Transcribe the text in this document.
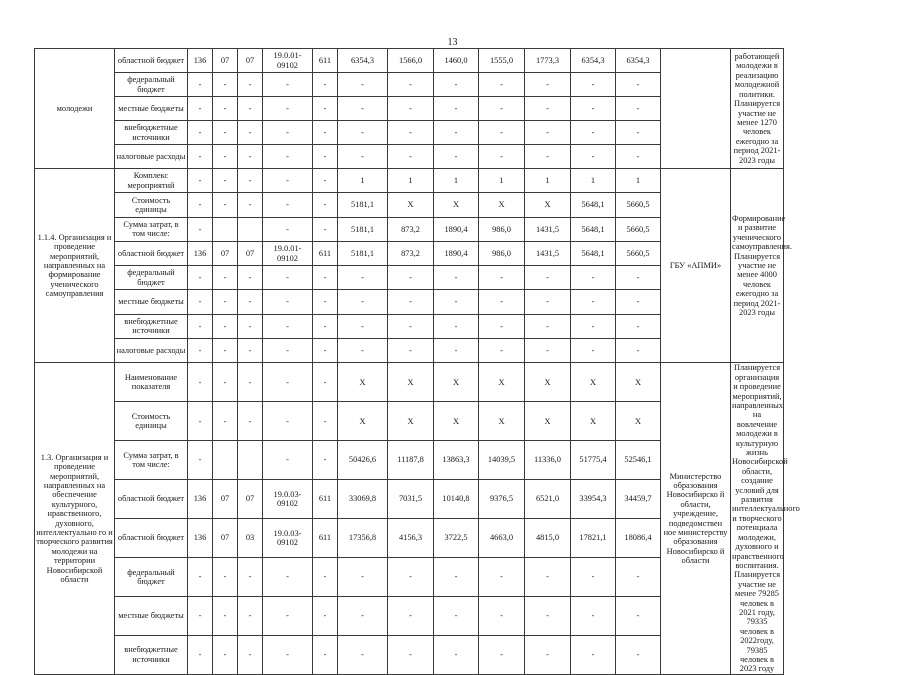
13
молодежи	областной бюджет	136	07	07	19.0.01-09102	611	6354,3	1566,0	1460,0	1555,0	1773,3	6354,3	6354,3		работающей молодежи в реализацию молодежной политики. Планируется участие не менее 1270 человек ежегодно за период 2021-2023 годы
	федеральный бюджет	-	-	-	-	-	-	-	-	-	-	-	-		
	местные бюджеты	-	-	-	-	-	-	-	-	-	-	-	-		
	внебюджетные источники	-	-	-	-	-	-	-	-	-	-	-	-		
	налоговые расходы	-	-	-	-	-	-	-	-	-	-	-	-		
1.1.4. Организация и проведение мероприятий, направленных на формирование ученического самоуправления	Комплекс мероприятий	-	-	-	-	-	1	1	1	1	1	1	1	ГБУ «АПМИ»	Формирование и развитие ученического самоуправления. Планируется участие не менее 4000 человек ежегодно за период 2021-2023 годы
	Стоимость единицы	-	-	-	-	-	5181,1	X	X	X	X	5648,1	5660,5		
	Сумма затрат, в том числе:	-			-	-	5181,1	873,2	1890,4	986,0	1431,5	5648,1	5660,5		
	областной бюджет	136	07	07	19.0.01-09102	611	5181,1	873,2	1890,4	986,0	1431,5	5648,1	5660,5		
	федеральный бюджет	-	-	-	-	-	-	-	-	-	-	-	-		
	местные бюджеты	-	-	-	-	-	-	-	-	-	-	-	-		
	внебюджетные источники	-	-	-	-	-	-	-	-	-	-	-	-		
	налоговые расходы	-	-	-	-	-	-	-	-	-	-	-	-		
1.3. Организация и проведение мероприятий, направленных на обеспечение культурного, нравственного, духовного, интеллектуально го и творческого развития молодежи на территории Новосибирской области	Наименование показателя	-	-	-	-	-	X	X	X	X	X	X	X	Министерство образования Новосибирско й области, учреждение, подведомствен ное министерству образования Новосибирско й области	Планируется организация и проведение мероприятий, направленных на вовлечение молодежи в культурную жизнь Новосибирской области, создание условий для развития интеллектуального и творческого потенциала молодежи, духовного и нравственного воспитания. Планируется участие не менее 79285 человек в 2021 году, 79335 человек в 2022году, 79385 человек в 2023 году
	Стоимость единицы	-	-	-	-	-	X	X	X	X	X	X	X		
	Сумма затрат, в том числе:	-			-	-	50426,6	11187,8	13863,3	14039,5	11336,0	51775,4	52546,1		
	областной бюджет	136	07	07	19.0.03-09102	611	33069,8	7031,5	10140,8	9376,5	6521,0	33954,3	34459,7		
	областной бюджет	136	07	03	19.0.03-09102	611	17356,8	4156,3	3722,5	4663,0	4815,0	17821,1	18086,4		
	федеральный бюджет	-	-	-	-	-	-	-	-	-	-	-	-		
	местные бюджеты	-	-	-	-	-	-	-	-	-	-	-	-		
	внебюджетные источники	-	-	-	-	-	-	-	-	-	-	-	-		
